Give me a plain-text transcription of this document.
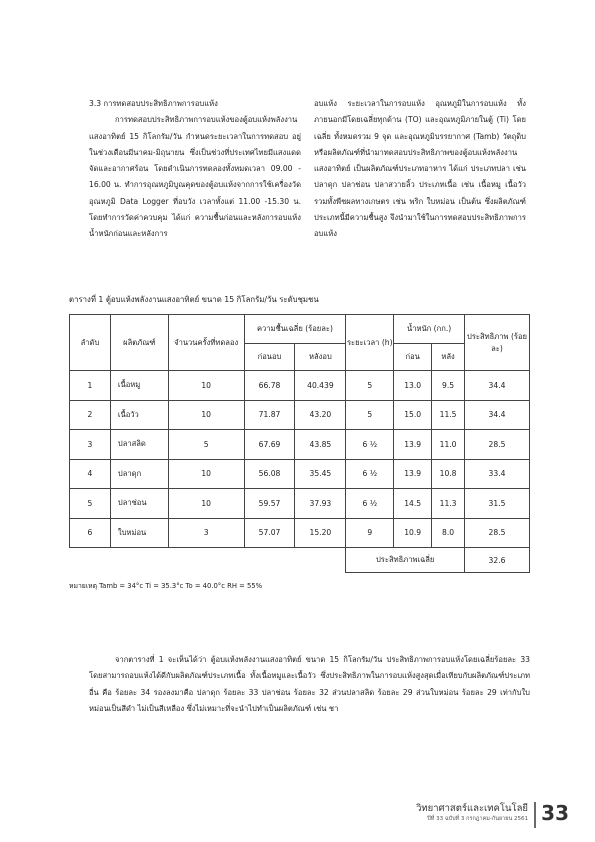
3.3 การทดสอบประสิทธิภาพการอบแห้ง

การทดสอบประสิทธิภาพการอบแห้งของตู้อบแห้งพลังงานแสงอาทิตย์ 15 กิโลกรัม/วัน กำหนดระยะเวลาในการทดสอบ อยู่ในช่วงเดือนมีนาคม-มิถุนายน ซึ่งเป็นช่วงที่ประเทศไทยมีแสงแดดจัดและอากาศร้อน โดยดำเนินการทดลองทั้งหมดเวลา 09.00 - 16.00 น. ทำการอุณหภูมิบูณคุดของตู้อบแห้งจากการใช้เครื่องวัดอุณหภูมิ Data Logger ที่อบวัง เวลาทั้งแต่ 11.00 -15.30 น. โดยทำการวัดค่าควบคุม ได้แก่ ความชื้นก่อนและหลังการอบแห้ง น้ำหนักก่อนและหลังการ

อบแห้ง ระยะเวลาในการอบแห้ง อุณหภูมิในการอบแห้ง ทั้งภายนอกมีโดยเฉลี่ยทุกด้าน (TO) และอุณหภูมิภายในตู้ (Ti) โดยเฉลี่ย ทั้งหมดรวม 9 จุด และอุณหภูมิบรรยากาศ (Tamb) วัตถุดิบหรือผลิตภัณฑ์ที่นำมาทดสอบประสิทธิภาพของตู้อบแห้งพลังงานแสงอาทิตย์ เป็นผลิตภัณฑ์ประเภทอาหาร ได้แก่ ประเภทปลา เช่น ปลาดุก ปลาช่อน ปลาสวายลิ้ว ประเภทเนื้อ เช่น เนื้อหมู เนื้อวัว รวมทั้งพืชผลทางเกษตร เช่น พริก ใบหม่อน เป็นต้น ซึ่งผลิตภัณฑ์ประเภทนี้มีความชื้นสูง จึงนำมาใช้ในการทดสอบประสิทธิภาพการอบแห้ง

ตารางที่ 1 ตู้อบแห้งพลังงานแสงอาทิตย์ ขนาด 15 กิโลกรัม/วัน ระดับชุมชน
ลำดับ	ผลิตภัณฑ์	จำนวนครั้งที่ทดลอง	ความชื้นเฉลี่ย (ร้อยละ)		ระยะเวลา (h)	น้ำหนัก (กก.)		ประสิทธิภาพ (ร้อยละ)
			ก่อนอบ	หลังอบ		ก่อน	หลัง	
1	เนื้อหมู	10	66.78	40.439	5	13.0	9.5	34.4
2	เนื้อวัว	10	71.87	43.20	5	15.0	11.5	34.4
3	ปลาสลิด	5	67.69	43.85	6 ½	13.9	11.0	28.5
4	ปลาดุก	10	56.08	35.45	6 ½	13.9	10.8	33.4
5	ปลาช่อน	10	59.57	37.93	6 ½	14.5	11.3	31.5
6	ใบหม่อน	3	57.07	15.20	9	10.9	8.0	28.5
					ประสิทธิภาพเฉลี่ย			32.6
หมายเหตุ Tamb = 34°c Ti = 35.3°c To = 40.0°c RH = 55%

จากตารางที่ 1 จะเห็นได้ว่า ตู้อบแห้งพลังงานแสงอาทิตย์ ขนาด 15 กิโลกรัม/วัน ประสิทธิภาพการอบแห้งโดยเฉลี่ยร้อยละ 33 โดยสามารถอบแห้งได้ดีกับผลิตภัณฑ์ประเภทเนื้อ ทั้งเนื้อหมูและเนื้อวัว ซึ่งประสิทธิภาพในการอบแห้งสูงสุดเมื่อเทียบกับผลิตภัณฑ์ประเภทอื่น คือ ร้อยละ 34 รองลงมาคือ ปลาดุก ร้อยละ 33 ปลาช่อน ร้อยละ 32 ส่วนปลาสลิด ร้อยละ 29 ส่วนใบหม่อน ร้อยละ 29 เท่ากับใบหม่อนเป็นสีดำ ไม่เป็นสีเหลือง ซึ่งไม่เหมาะที่จะนำไปทำเป็นผลิตภัณฑ์ เช่น ชา

วิทยาศาสตร์และเทคโนโลยี
ปีที่ 33 ฉบับที่ 3 กรกฎาคม-กันยายน 2561 33
